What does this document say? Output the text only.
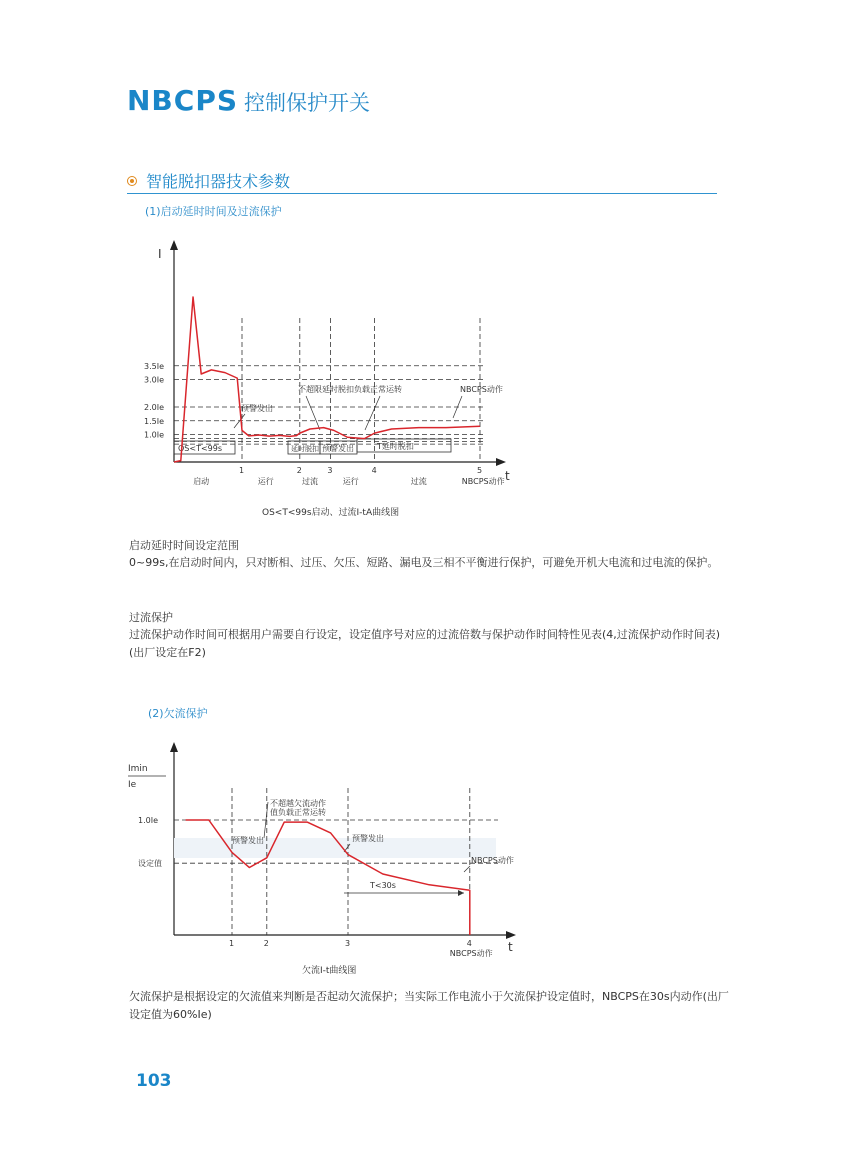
NBCPS 控制保护开关
智能脱扣器技术参数
(1)启动延时时间及过流保护
I
t
OS<T<99s	延时脱扣 预警发出	T延时脱扣
不超限延时脱扣负载正常运转	NBCPS动作
预警发出
3.5Ie
3.0Ie
2.0Ie
1.5Ie
1.0Ie
1	2	3	4	5
启动	运行	过流	运行	过流	NBCPS动作
OS<T<99s启动、过流I-tA曲线图
启动延时时间设定范围
0~99s,在启动时间内，只对断相、过压、欠压、短路、漏电及三相不平衡进行保护，可避免开机大电流和过电流的保护。
过流保护
过流保护动作时间可根据用户需要自行设定，设定值序号对应的过流倍数与保护动作时间特性见表(4,过流保护动作时间表)(出厂设定在F2)
(2)欠流保护
Imin
Ie
t
不超越欠流动作
值负载正常运转
预警发出	预警发出
NBCPS动作
T<30s
1.0Ie
设定值
1	2	3	4
NBCPS动作
欠流I-t曲线图
欠流保护是根据设定的欠流值来判断是否起动欠流保护；当实际工作电流小于欠流保护设定值时，NBCPS在30s内动作(出厂设定值为60%Ie)
103
